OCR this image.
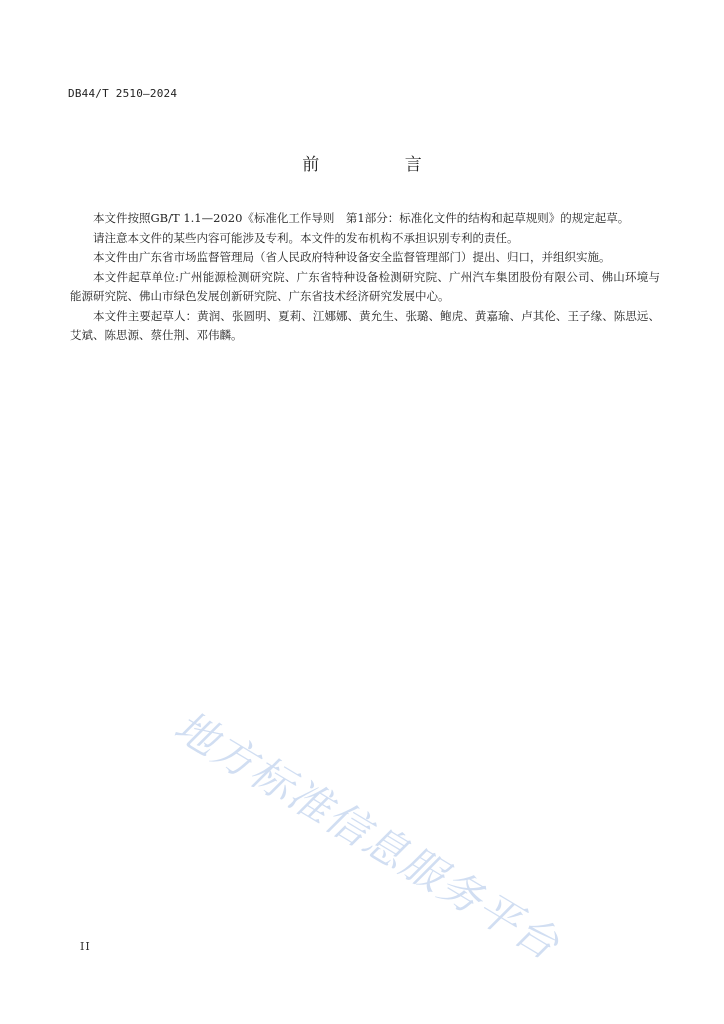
DB44/T 2510—2024
前 言

本文件按照GB/T 1.1—2020《标准化工作导则　第1部分：标准化文件的结构和起草规则》的规定起草。

请注意本文件的某些内容可能涉及专利。本文件的发布机构不承担识别专利的责任。

本文件由广东省市场监督管理局（省人民政府特种设备安全监督管理部门）提出、归口，并组织实施。

本文件起草单位:广州能源检测研究院、广东省特种设备检测研究院、广州汽车集团股份有限公司、佛山环境与能源研究院、佛山市绿色发展创新研究院、广东省技术经济研究发展中心。

本文件主要起草人：黄润、张圆明、夏莉、江娜娜、黄允生、张璐、鲍虎、黄嘉瑜、卢其伦、王子缘、陈思远、艾斌、陈思源、蔡仕荆、邓伟麟。

地方标准信息服务平台
II
